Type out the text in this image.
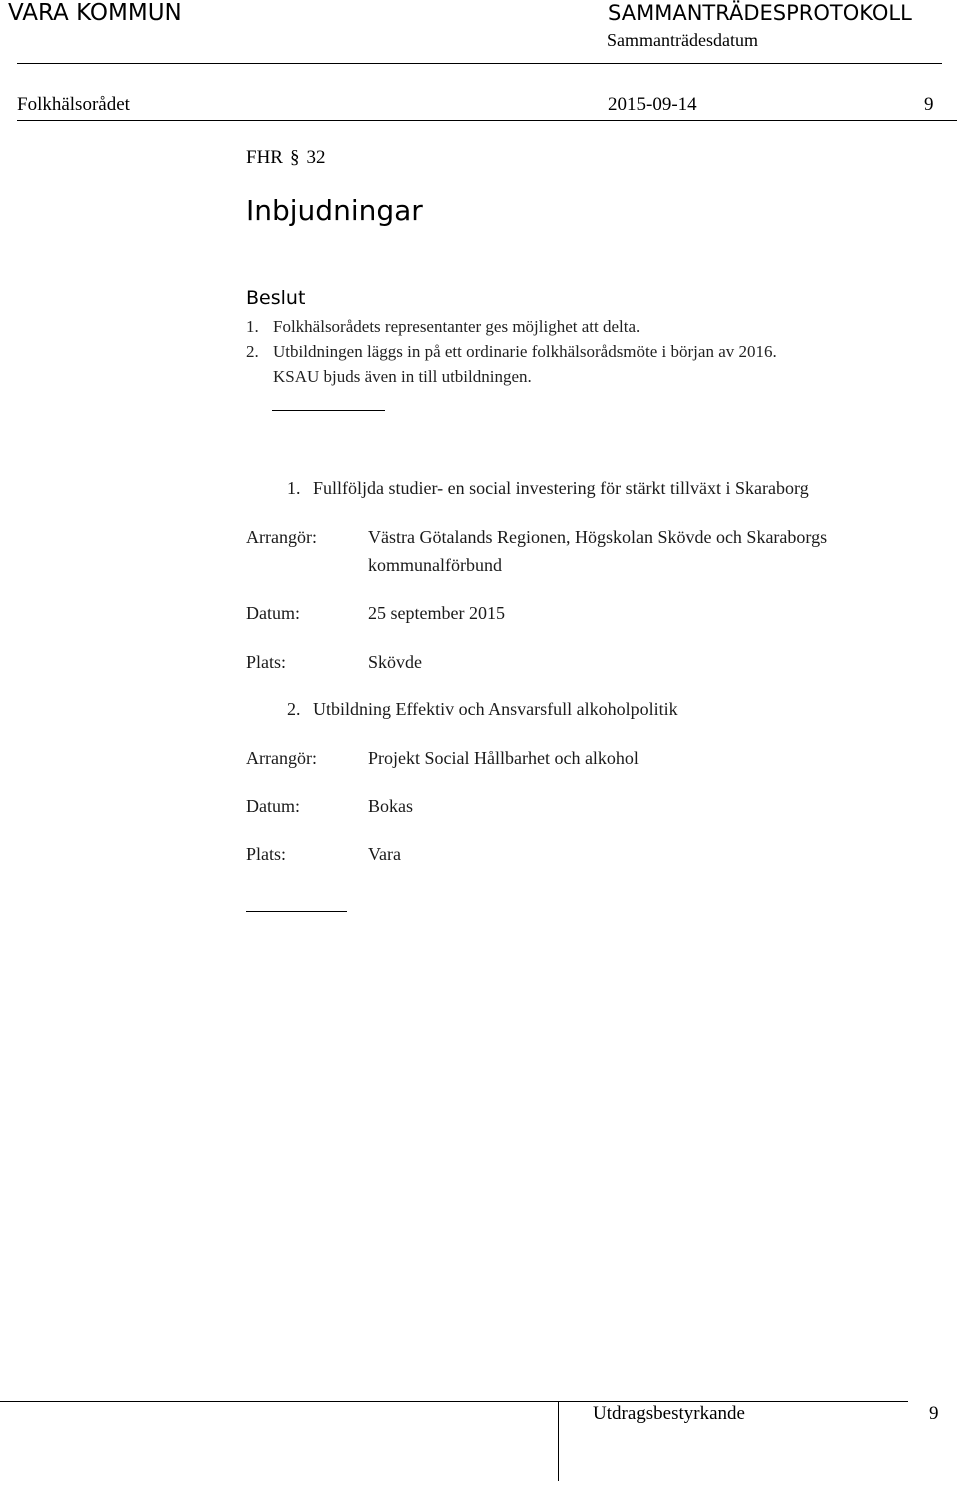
VARA KOMMUN	SAMMANTRÄDESPROTOKOLL
Sammanträdesdatum
Folkhälsorådet	2015-09-14	9
FHR § 32
Inbjudningar
Beslut
1. Folkhälsorådets representanter ges möjlighet att delta.
2. Utbildningen läggs in på ett ordinarie folkhälsorådsmöte i början av 2016.
KSAU bjuds även in till utbildningen.
1. Fullföljda studier- en social investering för stärkt tillväxt i Skaraborg
Arrangör:	Västra Götalands Regionen, Högskolan Skövde och Skaraborgs
kommunalförbund
Datum:	25 september 2015
Plats:	Skövde
2. Utbildning Effektiv och Ansvarsfull alkoholpolitik
Arrangör:	Projekt Social Hållbarhet och alkohol
Datum:	Bokas
Plats:	Vara
Utdragsbestyrkande	9
